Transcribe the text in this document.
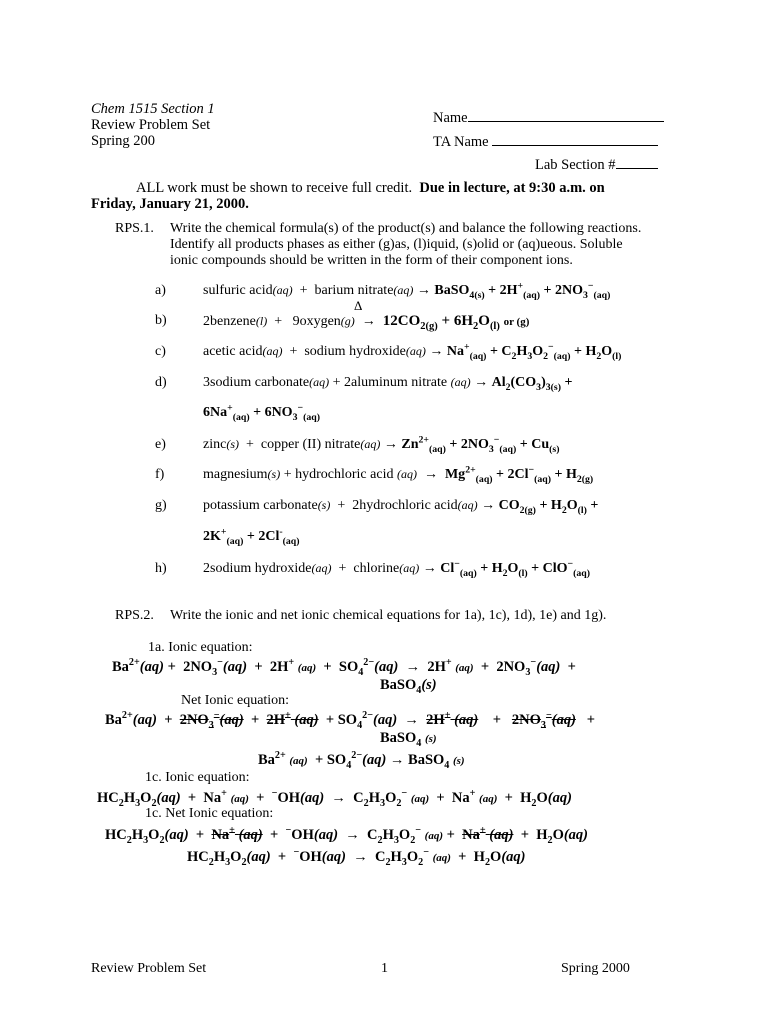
Chem 1515 Section 1
Review Problem Set
Spring 200
Name
TA Name
Lab Section #
ALL work must be shown to receive full credit. Due in lecture, at 9:30 a.m. on
Friday, January 21, 2000.
RPS.1. Write the chemical formula(s) of the product(s) and balance the following reactions.
Identify all products phases as either (g)as, (l)iquid, (s)olid or (aq)ueous. Soluble
ionic compounds should be written in the form of their component ions.
a)	sulfuric acid(aq)  +  barium nitrate(aq) → BaSO$_{4(s)}$ + $2H^+_{(aq)} + 2NO_3^-_{(aq)}$
Δ
b)	2benzene(l)  +   9oxygen(g)  →  $12CO_{2(g)} + 6H_2O_{(l)}$ or (g)
c)	acetic acid(aq)  +  sodium hydroxide(aq) → $Na^+_{(aq)} + C_2H_3O_2^-_{(aq)} + H_2O_{(l)}$
d)	3sodium carbonate(aq) + 2aluminum nitrate $(aq) \to Al_2(CO_3)_{3(s)}$ +
$6Na^+_{(aq)} + 6NO_3^-_{(aq)}$
e)	zinc(s)  +  copper (II) nitrate(aq) → $Zn^{2+}_{(aq)} + 2NO_3^-_{(aq)} + Cu_{(s)}$
f)	magnesium(s) + hydrochloric acid $(aq) \to Mg^{2+}_{(aq)} + 2Cl^-_{(aq)} + H_{2(g)}$
g)	potassium carbonate(s)  +  2hydrochloric acid(aq) → $CO_{2(g)} + H_2O_{(l)}$ +
$2K^+_{(aq)} + 2Cl^-_{(aq)}$
h)	2sodium hydroxide(aq)  +  chlorine(aq) → $Cl^-_{(aq)} + H_2O_{(l)} + ClO^-_{(aq)}$
RPS.2. Write the ionic and net ionic chemical equations for 1a), 1c), 1d), 1e) and 1g).
1a. Ionic equation:
$Ba^{2+}(aq) + 2NO_3^-(aq) + 2H^+$ $(aq) + SO_4^{2-}(aq) \to 2H^+$ $(aq) + 2NO_3^-(aq)$  +
BaSO$_4$(s)
Net Ionic equation:
$Ba^{2+}(aq) + 2NO_3^-(aq) + 2H^+$ $(aq) + SO_4^{2-}(aq) \to 2H^+$ (aq)    +   $2NO_3^-(aq)$   +
BaSO$_4$ (s)
$Ba^{2+}$ $(aq) + SO_4^{2-}(aq)$ → BaSO$_4$ (s)
1c. Ionic equation:
$HC_2H_3O_2(aq) + Na^+$ $(aq) + ^-OH(aq) \to C_2H_3O_2^-$ (aq)  +  Na+ $(aq) + H_2O(aq)$
1c. Net Ionic equation:
$HC_2H_3O_2(aq) + Na^+$ $(aq) + ^-OH(aq) \to C_2H_3O_2^-$ (aq) +  Na+ $(aq) + H_2O(aq)$
$HC_2H_3O_2(aq) + ^-OH(aq) \to C_2H_3O_2^-$ $(aq) + H_2O(aq)$
Review Problem Set	1	Spring 2000
